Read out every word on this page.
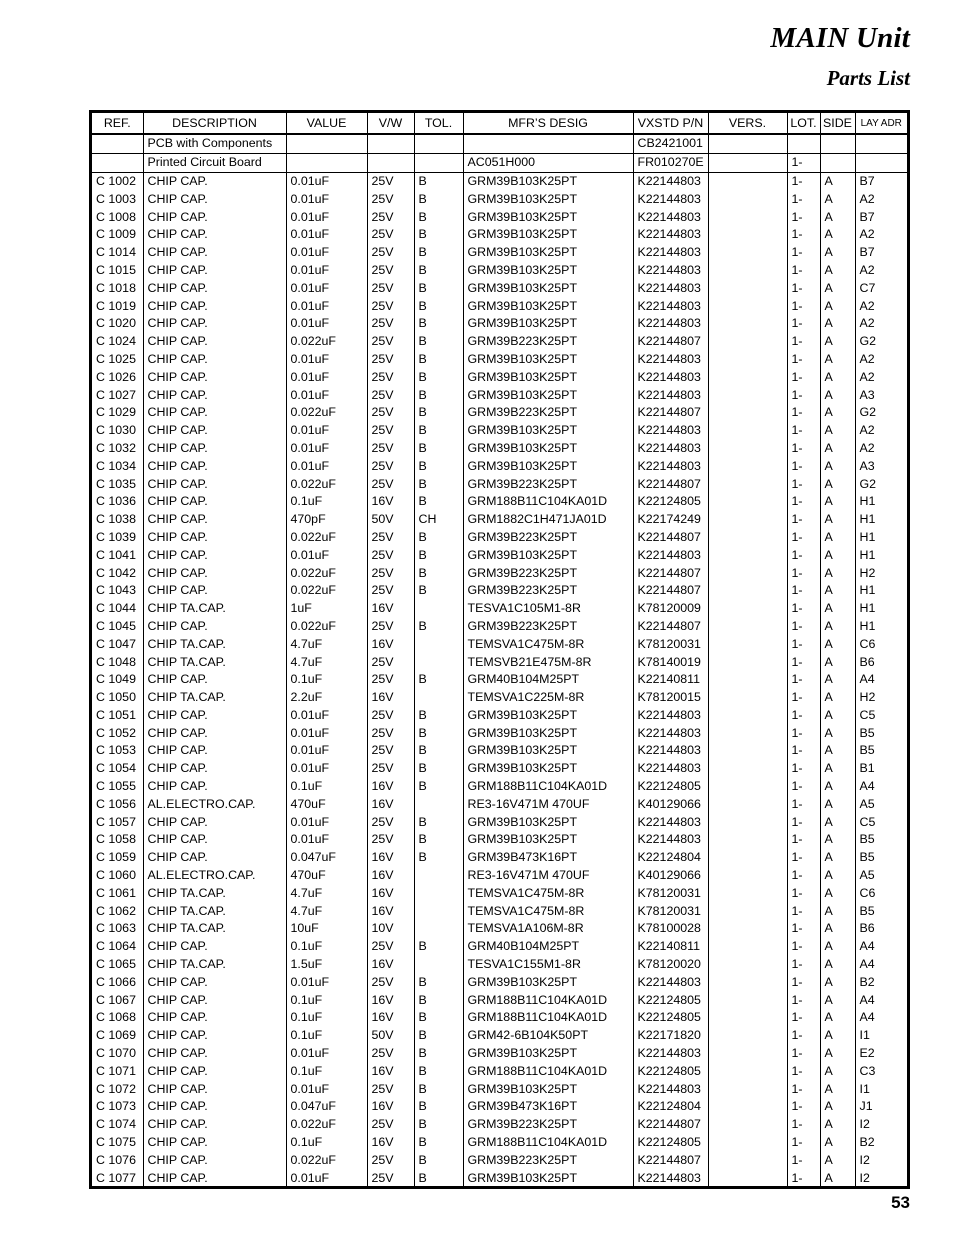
MAIN Unit
Parts List
REF.	DESCRIPTION	VALUE	V/W	TOL.	MFR’S DESIG	VXSTD P/N	VERS.	LOT.	SIDE	LAY ADR
	PCB with Components					CB2421001				
	Printed Circuit Board				AC051H000	FR010270E		1-		
C 1002	CHIP CAP.	0.01uF	25V	B	GRM39B103K25PT	K22144803		1-	A	B7
C 1003	CHIP CAP.	0.01uF	25V	B	GRM39B103K25PT	K22144803		1-	A	A2
C 1008	CHIP CAP.	0.01uF	25V	B	GRM39B103K25PT	K22144803		1-	A	B7
C 1009	CHIP CAP.	0.01uF	25V	B	GRM39B103K25PT	K22144803		1-	A	A2
C 1014	CHIP CAP.	0.01uF	25V	B	GRM39B103K25PT	K22144803		1-	A	B7
C 1015	CHIP CAP.	0.01uF	25V	B	GRM39B103K25PT	K22144803		1-	A	A2
C 1018	CHIP CAP.	0.01uF	25V	B	GRM39B103K25PT	K22144803		1-	A	C7
C 1019	CHIP CAP.	0.01uF	25V	B	GRM39B103K25PT	K22144803		1-	A	A2
C 1020	CHIP CAP.	0.01uF	25V	B	GRM39B103K25PT	K22144803		1-	A	A2
C 1024	CHIP CAP.	0.022uF	25V	B	GRM39B223K25PT	K22144807		1-	A	G2
C 1025	CHIP CAP.	0.01uF	25V	B	GRM39B103K25PT	K22144803		1-	A	A2
C 1026	CHIP CAP.	0.01uF	25V	B	GRM39B103K25PT	K22144803		1-	A	A2
C 1027	CHIP CAP.	0.01uF	25V	B	GRM39B103K25PT	K22144803		1-	A	A3
C 1029	CHIP CAP.	0.022uF	25V	B	GRM39B223K25PT	K22144807		1-	A	G2
C 1030	CHIP CAP.	0.01uF	25V	B	GRM39B103K25PT	K22144803		1-	A	A2
C 1032	CHIP CAP.	0.01uF	25V	B	GRM39B103K25PT	K22144803		1-	A	A2
C 1034	CHIP CAP.	0.01uF	25V	B	GRM39B103K25PT	K22144803		1-	A	A3
C 1035	CHIP CAP.	0.022uF	25V	B	GRM39B223K25PT	K22144807		1-	A	G2
C 1036	CHIP CAP.	0.1uF	16V	B	GRM188B11C104KA01D	K22124805		1-	A	H1
C 1038	CHIP CAP.	470pF	50V	CH	GRM1882C1H471JA01D	K22174249		1-	A	H1
C 1039	CHIP CAP.	0.022uF	25V	B	GRM39B223K25PT	K22144807		1-	A	H1
C 1041	CHIP CAP.	0.01uF	25V	B	GRM39B103K25PT	K22144803		1-	A	H1
C 1042	CHIP CAP.	0.022uF	25V	B	GRM39B223K25PT	K22144807		1-	A	H2
C 1043	CHIP CAP.	0.022uF	25V	B	GRM39B223K25PT	K22144807		1-	A	H1
C 1044	CHIP TA.CAP.	1uF	16V		TESVA1C105M1-8R	K78120009		1-	A	H1
C 1045	CHIP CAP.	0.022uF	25V	B	GRM39B223K25PT	K22144807		1-	A	H1
C 1047	CHIP TA.CAP.	4.7uF	16V		TEMSVA1C475M-8R	K78120031		1-	A	C6
C 1048	CHIP TA.CAP.	4.7uF	25V		TEMSVB21E475M-8R	K78140019		1-	A	B6
C 1049	CHIP CAP.	0.1uF	25V	B	GRM40B104M25PT	K22140811		1-	A	A4
C 1050	CHIP TA.CAP.	2.2uF	16V		TEMSVA1C225M-8R	K78120015		1-	A	H2
C 1051	CHIP CAP.	0.01uF	25V	B	GRM39B103K25PT	K22144803		1-	A	C5
C 1052	CHIP CAP.	0.01uF	25V	B	GRM39B103K25PT	K22144803		1-	A	B5
C 1053	CHIP CAP.	0.01uF	25V	B	GRM39B103K25PT	K22144803		1-	A	B5
C 1054	CHIP CAP.	0.01uF	25V	B	GRM39B103K25PT	K22144803		1-	A	B1
C 1055	CHIP CAP.	0.1uF	16V	B	GRM188B11C104KA01D	K22124805		1-	A	A4
C 1056	AL.ELECTRO.CAP.	470uF	16V		RE3-16V471M 470UF	K40129066		1-	A	A5
C 1057	CHIP CAP.	0.01uF	25V	B	GRM39B103K25PT	K22144803		1-	A	C5
C 1058	CHIP CAP.	0.01uF	25V	B	GRM39B103K25PT	K22144803		1-	A	B5
C 1059	CHIP CAP.	0.047uF	16V	B	GRM39B473K16PT	K22124804		1-	A	B5
C 1060	AL.ELECTRO.CAP.	470uF	16V		RE3-16V471M 470UF	K40129066		1-	A	A5
C 1061	CHIP TA.CAP.	4.7uF	16V		TEMSVA1C475M-8R	K78120031		1-	A	C6
C 1062	CHIP TA.CAP.	4.7uF	16V		TEMSVA1C475M-8R	K78120031		1-	A	B5
C 1063	CHIP TA.CAP.	10uF	10V		TEMSVA1A106M-8R	K78100028		1-	A	B6
C 1064	CHIP CAP.	0.1uF	25V	B	GRM40B104M25PT	K22140811		1-	A	A4
C 1065	CHIP TA.CAP.	1.5uF	16V		TESVA1C155M1-8R	K78120020		1-	A	A4
C 1066	CHIP CAP.	0.01uF	25V	B	GRM39B103K25PT	K22144803		1-	A	B2
C 1067	CHIP CAP.	0.1uF	16V	B	GRM188B11C104KA01D	K22124805		1-	A	A4
C 1068	CHIP CAP.	0.1uF	16V	B	GRM188B11C104KA01D	K22124805		1-	A	A4
C 1069	CHIP CAP.	0.1uF	50V	B	GRM42-6B104K50PT	K22171820		1-	A	I1
C 1070	CHIP CAP.	0.01uF	25V	B	GRM39B103K25PT	K22144803		1-	A	E2
C 1071	CHIP CAP.	0.1uF	16V	B	GRM188B11C104KA01D	K22124805		1-	A	C3
C 1072	CHIP CAP.	0.01uF	25V	B	GRM39B103K25PT	K22144803		1-	A	I1
C 1073	CHIP CAP.	0.047uF	16V	B	GRM39B473K16PT	K22124804		1-	A	J1
C 1074	CHIP CAP.	0.022uF	25V	B	GRM39B223K25PT	K22144807		1-	A	I2
C 1075	CHIP CAP.	0.1uF	16V	B	GRM188B11C104KA01D	K22124805		1-	A	B2
C 1076	CHIP CAP.	0.022uF	25V	B	GRM39B223K25PT	K22144807		1-	A	I2
C 1077	CHIP CAP.	0.01uF	25V	B	GRM39B103K25PT	K22144803		1-	A	I2
53
